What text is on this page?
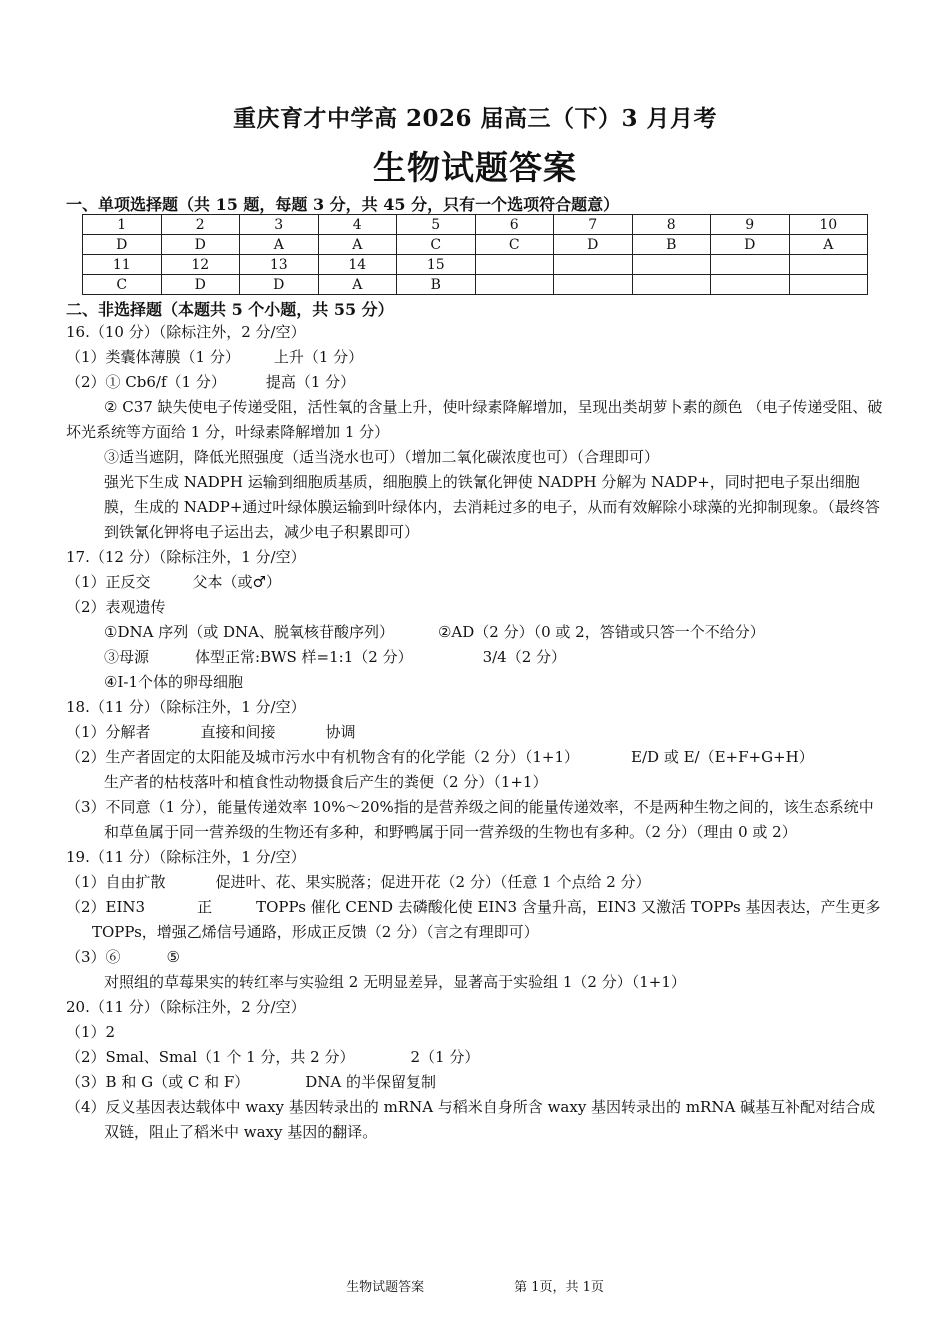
重庆育才中学高 2026 届高三（下）3 月月考
生物试题答案
一、单项选择题（共 15 题，每题 3 分，共 45 分，只有一个选项符合题意）
1	2	3	4	5	6	7	8	9	10
D	D	A	A	C	C	D	B	D	A
11	12	13	14	15					
C	D	D	A	B					
二、非选择题（本题共 5 个小题，共 55 分）
16.（10 分）（除标注外，2 分/空）
（1）类囊体薄膜（1 分） 上升（1 分）
（2）① Cb6/f（1 分）	提高（1 分）
② C37 缺失使电子传递受阻，活性氧的含量上升，使叶绿素降解增加，呈现出类胡萝卜素的颜色 （电子传递受阻、破坏光系统等方面给 1 分，叶绿素降解增加 1 分）
③适当遮阴，降低光照强度（适当浇水也可）（增加二氧化碳浓度也可）（合理即可）
强光下生成 NADPH 运输到细胞质基质，细胞膜上的铁氰化钾使 NADPH 分解为 NADP+，同时把电子泵出细胞膜，生成的 NADP+通过叶绿体膜运输到叶绿体内，去消耗过多的电子，从而有效解除小球藻的光抑制现象。（最终答到铁氰化钾将电子运出去，减少电子积累即可）
17.（12 分）（除标注外，1 分/空）
（1）正反交	父本（或♂）
（2）表观遗传
①DNA 序列（或 DNA、脱氧核苷酸序列）	②AD（2 分）（0 或 2，答错或只答一个不给分）
③母源	体型正常:BWS 样=1:1（2 分）	3/4（2 分）
④I-1个体的卵母细胞
18.（11 分）（除标注外，1 分/空）
（1）分解者	直接和间接	协调
（2）生产者固定的太阳能及城市污水中有机物含有的化学能（2 分）（1+1）	E/D 或 E/（E+F+G+H）
生产者的枯枝落叶和植食性动物摄食后产生的粪便（2 分）（1+1）
（3）不同意（1 分），能量传递效率 10%～20%指的是营养级之间的能量传递效率，不是两种生物之间的，该生态系统中和草鱼属于同一营养级的生物还有多种，和野鸭属于同一营养级的生物也有多种。（2 分）（理由 0 或 2）
19.（11 分）（除标注外，1 分/空）
（1）自由扩散	促进叶、花、果实脱落；促进开花（2 分）（任意 1 个点给 2 分）
（2）EIN3	正	TOPPs 催化 CEND 去磷酸化使 EIN3 含量升高，EIN3 又激活 TOPPs 基因表达，产生更多 TOPPs，增强乙烯信号通路，形成正反馈（2 分）（言之有理即可）
（3）⑥	⑤
对照组的草莓果实的转红率与实验组 2 无明显差异，显著高于实验组 1（2 分）（1+1）
20.（11 分）（除标注外，2 分/空）
（1）2
（2）Smal、Smal（1 个 1 分，共 2 分）	2（1 分）
（3）B 和 G（或 C 和 F）	DNA 的半保留复制
（4）反义基因表达载体中 waxy 基因转录出的 mRNA 与稻米自身所含 waxy 基因转录出的 mRNA 碱基互补配对结合成双链，阻止了稻米中 waxy 基因的翻译。
生物试题答案	第 1页，共 1页
